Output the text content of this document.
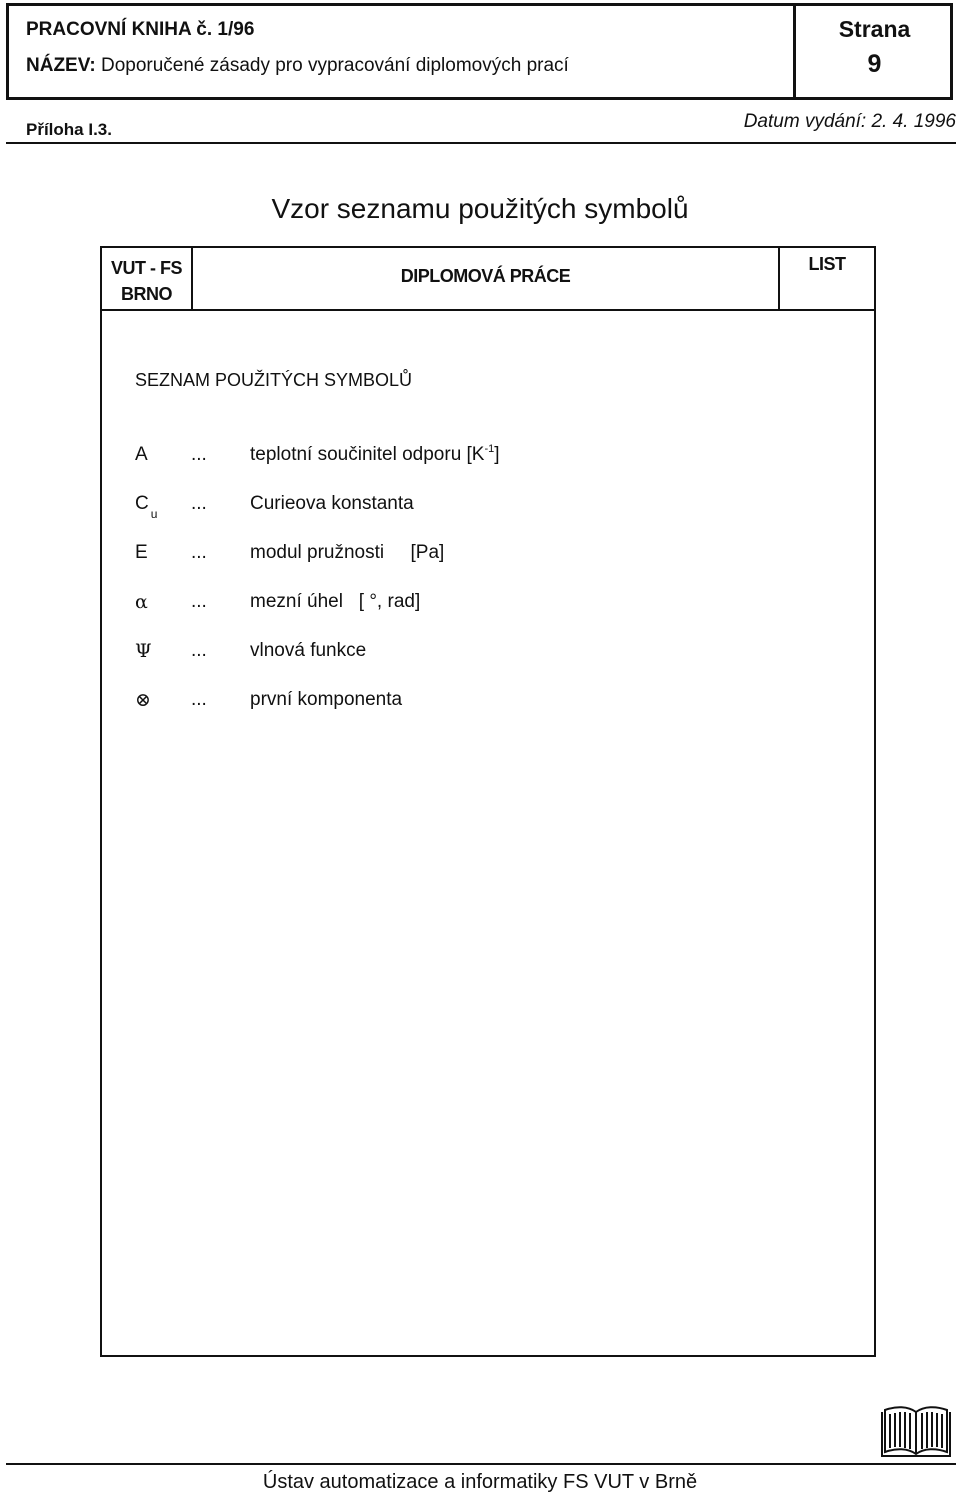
PRACOVNÍ KNIHA č. 1/96
NÁZEV: Doporučené zásady pro vypracování diplomových prací
Strana
9
Příloha I.3.	Datum vydání: 2. 4. 1996
Vzor seznamu použitých symbolů
VUT - FS
BRNO
DIPLOMOVÁ PRÁCE
LIST
SEZNAM POUŽITÝCH SYMBOLŮ
A	... teplotní součinitel odporu $[K^{-1}]$
C $_u$	... Curieova konstanta
E	... modul pružnosti     [Pa]
α	... mezní úhel   [ °, rad]
Ψ	... vlnová funkce
⊗	... první komponenta
Ústav automatizace a informatiky FS VUT v Brně
